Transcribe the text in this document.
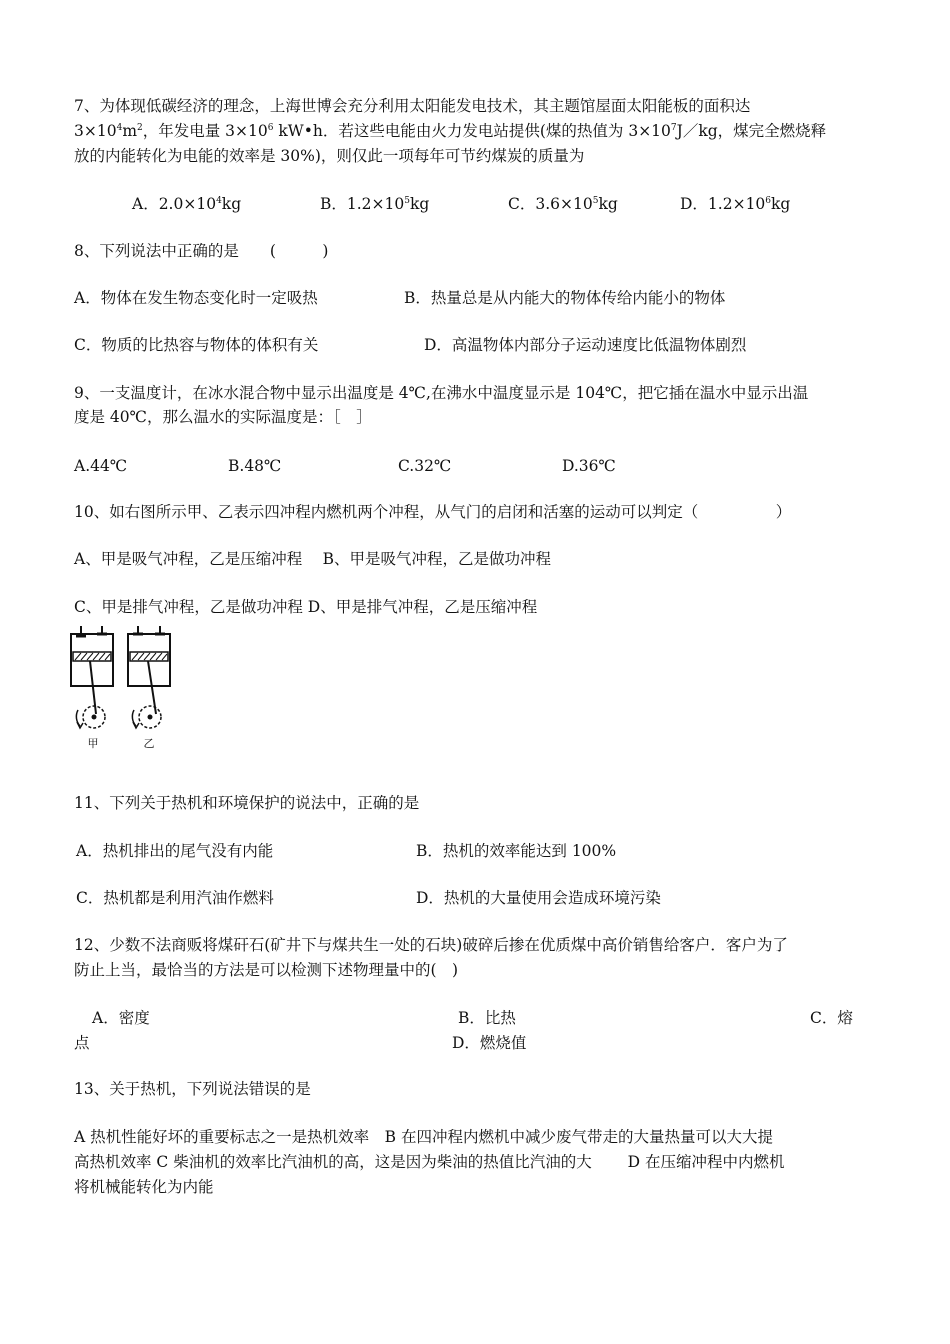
7、为体现低碳经济的理念，上海世博会充分利用太阳能发电技术，其主题馆屋面太阳能板的面积达
$3\times 10^4m^2$，年发电量 $3\times 10^6$ kW•h．若这些电能由火力发电站提供(煤的热值为 $3\times 10^7J/kg$，煤完全燃烧释
放的内能转化为电能的效率是 30%)，则仅此一项每年可节约煤炭的质量为
A．$2.0\times 10^4kg$	B．$1.2\times 10^5kg$	C．$3.6\times 10^5kg$	D．$1.2\times 10^6kg$
8、下列说法中正确的是　　(　　　)
A．物体在发生物态变化时一定吸热	B．热量总是从内能大的物体传给内能小的物体
C．物质的比热容与物体的体积有关	D．高温物体内部分子运动速度比低温物体剧烈
9、一支温度计，在冰水混合物中显示出温度是 4℃,在沸水中温度显示是 104℃，把它插在温水中显示出温
度是 40℃，那么温水的实际温度是：［　］
A.44℃	B.48℃	C.32℃	D.36℃
10、如右图所示甲、乙表示四冲程内燃机两个冲程，从气门的启闭和活塞的运动可以判定（　　　　　）
A、甲是吸气冲程，乙是压缩冲程　 B、甲是吸气冲程，乙是做功冲程
C、甲是排气冲程，乙是做功冲程 D、甲是排气冲程，乙是压缩冲程
甲	乙
11、下列关于热机和环境保护的说法中，正确的是
A．热机排出的尾气没有内能	B．热机的效率能达到 100%
C．热机都是利用汽油作燃料	D．热机的大量使用会造成环境污染
12、少数不法商贩将煤矸石(矿井下与煤共生一处的石块)破碎后掺在优质煤中高价销售给客户．客户为了
防止上当，最恰当的方法是可以检测下述物理量中的(　)
A．密度	B．比热	C．熔
点	D．燃烧值
13、关于热机，下列说法错误的是
A 热机性能好坏的重要标志之一是热机效率　B 在四冲程内燃机中减少废气带走的大量热量可以大大提
高热机效率 C 柴油机的效率比汽油机的高，这是因为柴油的热值比汽油的大　　 D 在压缩冲程中内燃机
将机械能转化为内能
